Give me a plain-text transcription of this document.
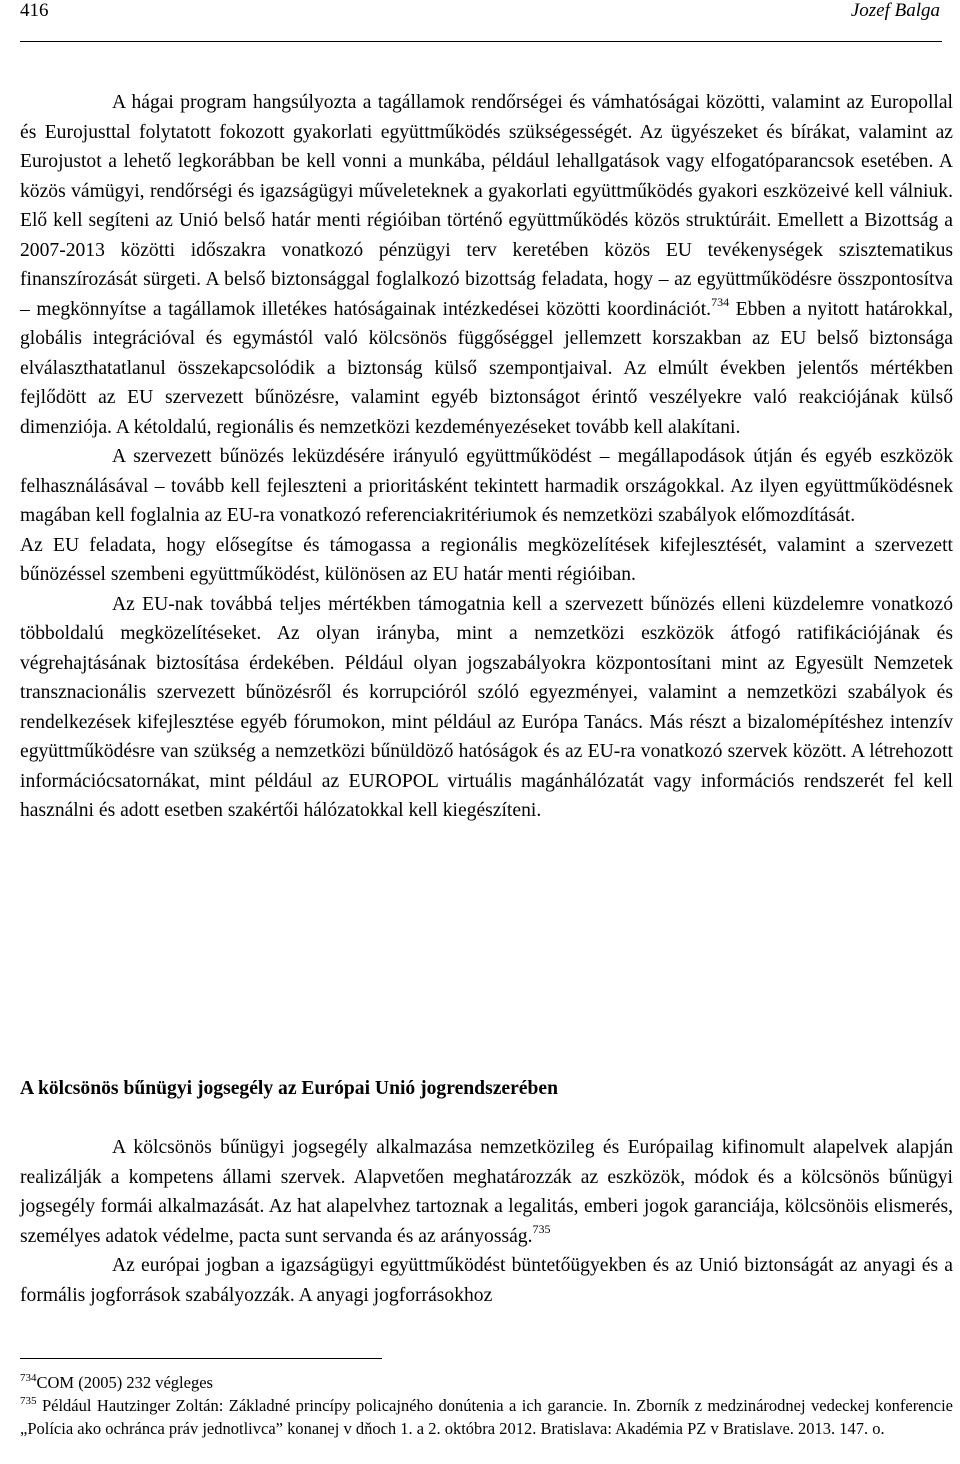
416	Jozef Balga

A hágai program hangsúlyozta a tagállamok rendőrségei és vámhatóságai közötti, valamint az Europollal és Eurojusttal folytatott fokozott gyakorlati együttműködés szükségességét. Az ügyészeket és bírákat, valamint az Eurojustot a lehető legkorábban be kell vonni a munkába, például lehallgatások vagy elfogatóparancsok esetében. A közös vámügyi, rendőrségi és igazságügyi műveleteknek a gyakorlati együttműködés gyakori eszközeivé kell válniuk. Elő kell segíteni az Unió belső határ menti régióiban történő együttműködés közös struktúráit. Emellett a Bizottság a 2007-2013 közötti időszakra vonatkozó pénzügyi terv keretében közös EU tevékenységek szisztematikus finanszírozását sürgeti. A belső biztonsággal foglalkozó bizottság feladata, hogy – az együttműködésre összpontosítva – megkönnyítse a tagállamok illetékes hatóságainak intézkedései közötti koordinációt.$^{734}$ Ebben a nyitott határokkal, globális integrációval és egymástól való kölcsönös függőséggel jellemzett korszakban az EU belső biztonsága elválaszthatatlanul összekapcsolódik a biztonság külső szempontjaival. Az elmúlt években jelentős mértékben fejlődött az EU szervezett bűnözésre, valamint egyéb biztonságot érintő veszélyekre való reakciójának külső dimenziója. A kétoldalú, regionális és nemzetközi kezdeményezéseket tovább kell alakítani.

A szervezett bűnözés leküzdésére irányuló együttműködést – megállapodások útján és egyéb eszközök felhasználásával – tovább kell fejleszteni a prioritásként tekintett harmadik országokkal. Az ilyen együttműködésnek magában kell foglalnia az EU-ra vonatkozó referenciakritériumok és nemzetközi szabályok előmozdítását.

Az EU feladata, hogy elősegítse és támogassa a regionális megközelítések kifejlesztését, valamint a szervezett bűnözéssel szembeni együttműködést, különösen az EU határ menti régióiban.

Az EU-nak továbbá teljes mértékben támogatnia kell a szervezett bűnözés elleni küzdelemre vonatkozó többoldalú megközelítéseket. Az olyan irányba, mint a nemzetközi eszközök átfogó ratifikációjának és végrehajtásának biztosítása érdekében. Például olyan jogszabályokra központosítani mint az Egyesült Nemzetek transznacionális szervezett bűnözésről és korrupcióról szóló egyezményei, valamint a nemzetközi szabályok és rendelkezések kifejlesztése egyéb fórumokon, mint például az Európa Tanács. Más részt a bizalomépítéshez intenzív együttműködésre van szükség a nemzetközi bűnüldöző hatóságok és az EU-ra vonatkozó szervek között. A létrehozott információcsatornákat, mint például az EUROPOL virtuális magánhálózatát vagy információs rendszerét fel kell használni és adott esetben szakértői hálózatokkal kell kiegészíteni.

A kölcsönös bűnügyi jogsegély az Európai Unió jogrendszerében

A kölcsönös bűnügyi jogsegély alkalmazása nemzetközileg és Európailag kifinomult alapelvek alapján realizálják a kompetens állami szervek. Alapvetően meghatározzák az eszközök, módok és a kölcsönös bűnügyi jogsegély formái alkalmazását. Az hat alapelvhez tartoznak a legalitás, emberi jogok garanciája, kölcsönöis elismerés, személyes adatok védelme, pacta sunt servanda és az arányosság.$^{735}$

Az európai jogban a igazságügyi együttműködést büntetőügyekben és az Unió biztonságát az anyagi és a formális jogforrások szabályozzák. A anyagi jogforrásokhoz

$^{734}$COM (2005) 232 végleges

$^{735}$ Például Hautzinger Zoltán: Základné princípy policajného donútenia a ich garancie. In. Zborník z medzinárodnej vedeckej konferencie „Polícia ako ochránca práv jednotlivca” konanej v dňoch 1. a 2. októbra 2012. Bratislava: Akadémia PZ v Bratislave. 2013. 147. o.
